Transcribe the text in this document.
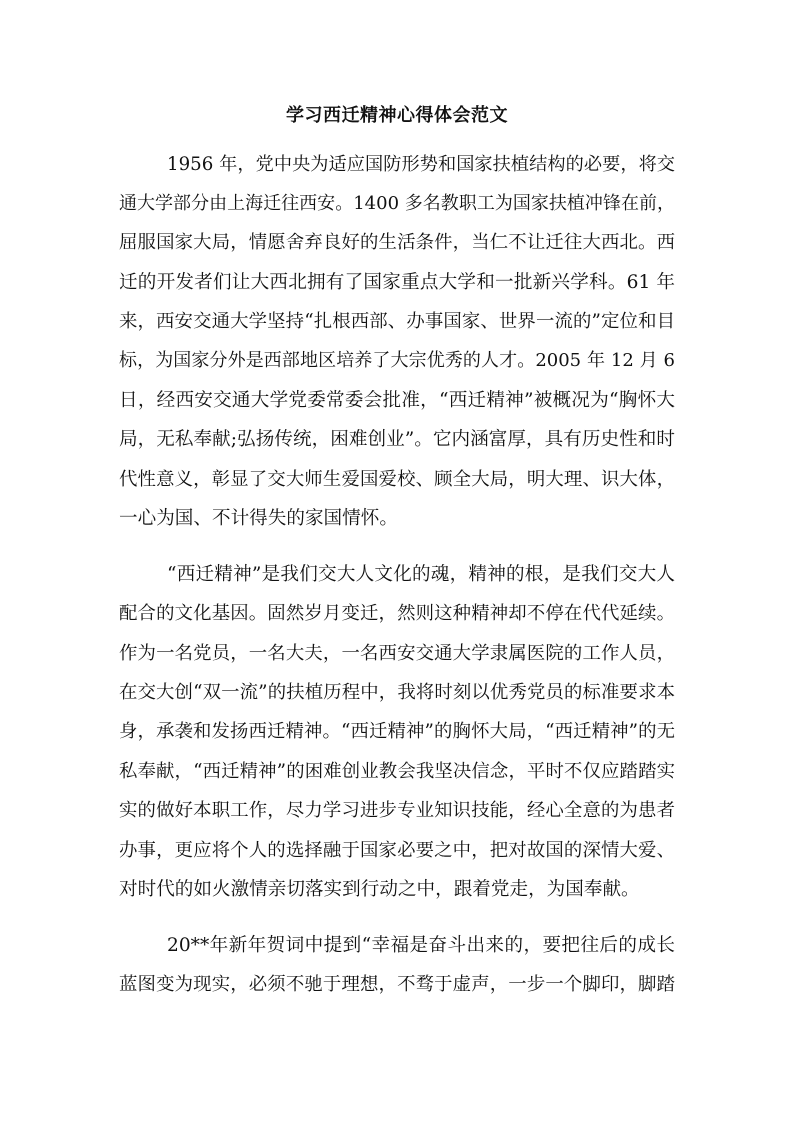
学习西迁精神心得体会范文
1956 年，党中央为适应国防形势和国家扶植结构的必要，将交
通大学部分由上海迁往西安。1400 多名教职工为国家扶植冲锋在前，
屈服国家大局，情愿舍弃良好的生活条件，当仁不让迁往大西北。西
迁的开发者们让大西北拥有了国家重点大学和一批新兴学科。61 年
来，西安交通大学坚持“扎根西部、办事国家、世界一流的”定位和目
标，为国家分外是西部地区培养了大宗优秀的人才。2005 年 12 月 6
日，经西安交通大学党委常委会批准，“西迁精神”被概况为“胸怀大
局，无私奉献;弘扬传统，困难创业”。它内涵富厚，具有历史性和时
代性意义，彰显了交大师生爱国爱校、顾全大局，明大理、识大体，
一心为国、不计得失的家国情怀。
“西迁精神”是我们交大人文化的魂，精神的根，是我们交大人
配合的文化基因。固然岁月变迁，然则这种精神却不停在代代延续。
作为一名党员，一名大夫，一名西安交通大学隶属医院的工作人员，
在交大创“双一流”的扶植历程中，我将时刻以优秀党员的标准要求本
身，承袭和发扬西迁精神。“西迁精神”的胸怀大局，“西迁精神”的无
私奉献，“西迁精神”的困难创业教会我坚决信念，平时不仅应踏踏实
实的做好本职工作，尽力学习进步专业知识技能，经心全意的为患者
办事，更应将个人的选择融于国家必要之中，把对故国的深情大爱、
对时代的如火激情亲切落实到行动之中，跟着党走，为国奉献。
20**年新年贺词中提到“幸福是奋斗出来的，要把往后的成长
蓝图变为现实，必须不驰于理想，不骛于虚声，一步一个脚印，脚踏
